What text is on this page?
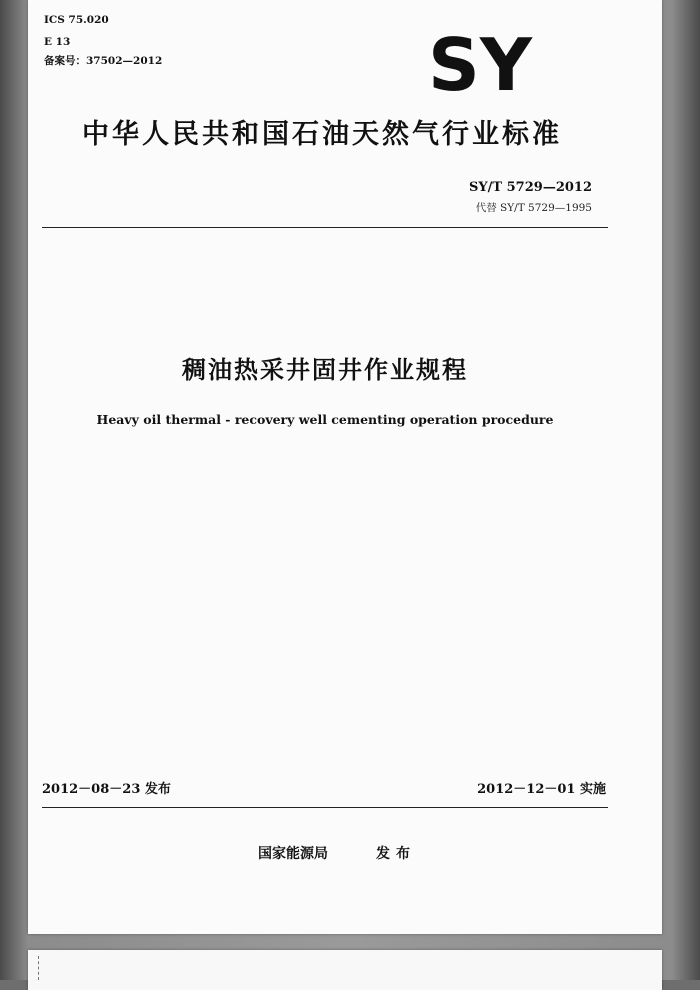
ICS 75.020
E 13
备案号：37502—2012	SY
中华人民共和国石油天然气行业标准
SY/T 5729—2012
代替 SY/T 5729—1995
稠油热采井固井作业规程
Heavy oil thermal - recovery well cementing operation procedure
2012－08－23 发布	2012－12－01 实施
国家能源局	发布
